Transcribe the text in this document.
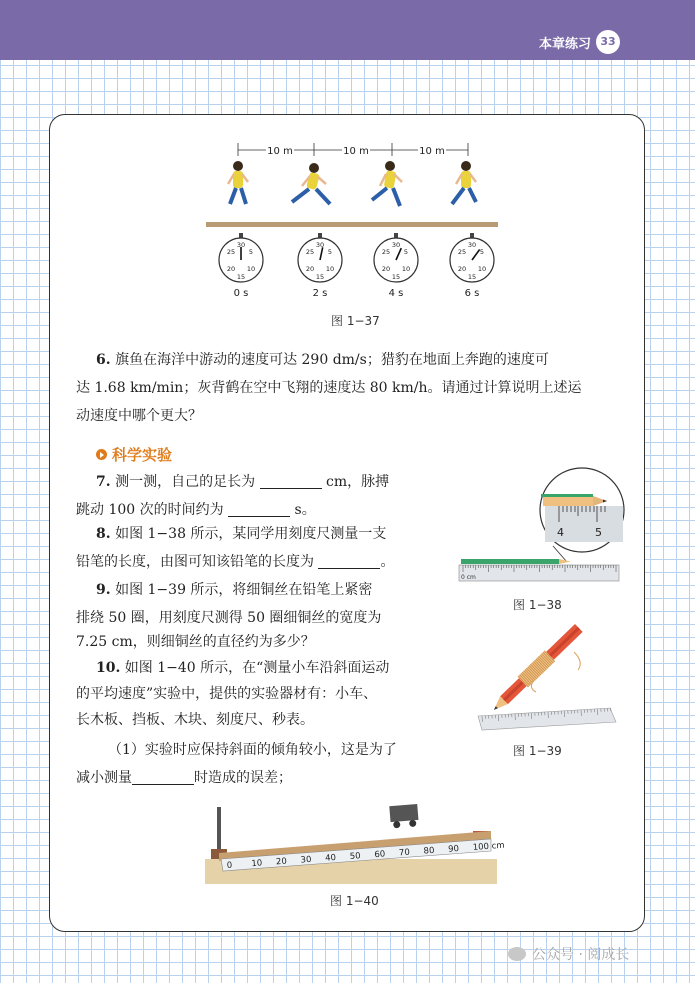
本章练习 33
10 m	10 m	10 m
30
25 5
20 10
15
0 s
30
25 5
20 10
15
2 s
30
25 5
20 10
15
4 s
30
25 5
20 10
15
6 s
图 1−37
6. 旗鱼在海洋中游动的速度可达 290 dm/s；猎豹在地面上奔跑的速度可
达 1.68 km/min；灰背鹤在空中飞翔的速度达 80 km/h。请通过计算说明上述运
动速度中哪个更大？
科学实验
7. 测一测，自己的足长为	cm，脉搏
跳动 100 次的时间约为	s。
8. 如图 1−38 所示，某同学用刻度尺测量一支
铅笔的长度，由图可知该铅笔的长度为	。
9. 如图 1−39 所示，将细铜丝在铅笔上紧密
排绕 50 圈，用刻度尺测得 50 圈细铜丝的宽度为
7.25 cm，则细铜丝的直径约为多少？
10. 如图 1−40 所示，在“测量小车沿斜面运动
的平均速度”实验中，提供的实验器材有：小车、
长木板、挡板、木块、刻度尺、秒表。
（1）实验时应保持斜面的倾角较小，这是为了
减小测量	时造成的误差；
4	5
0 cm
图 1−38
图 1−39
0 10 20 30 40 50 60 70 80 90 100 cm
图 1−40
公众号 · 阅成长
